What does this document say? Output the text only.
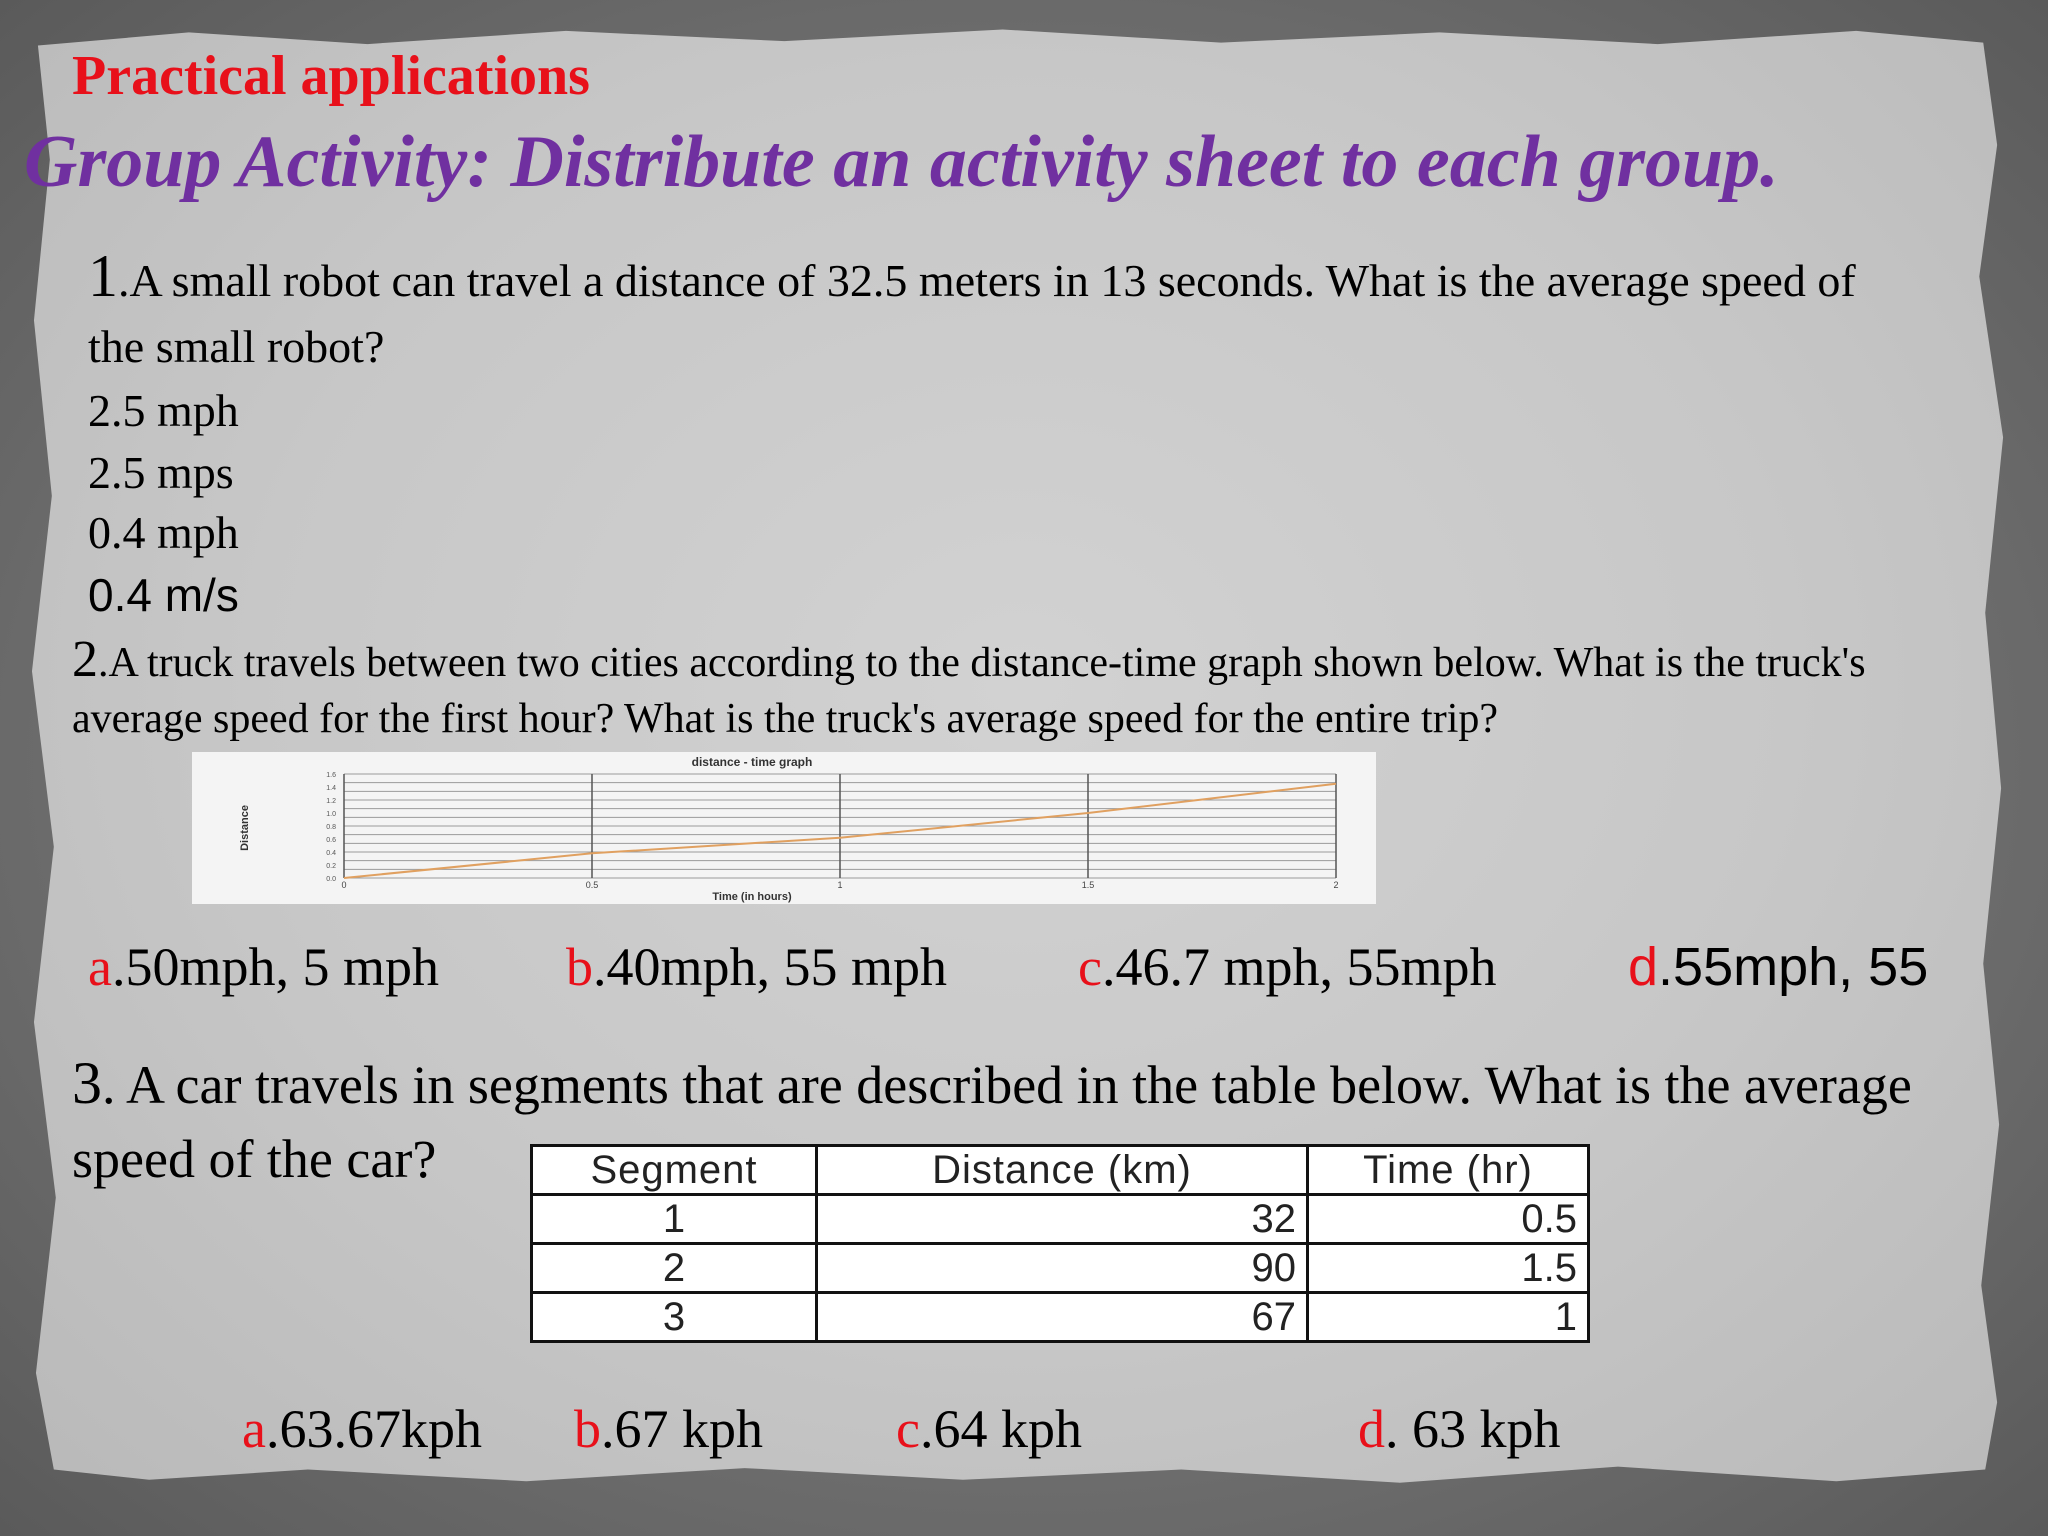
Practical applications
Group Activity: Distribute an activity sheet to each group.
1.A small robot can travel a distance of 32.5 meters in 13 seconds. What is the average speed of the small robot?
2.5 mph
2.5 mps
0.4 mph
0.4 m/s
2.A truck travels between two cities according to the distance-time graph shown below. What is the truck's average speed for the first hour? What is the truck's average speed for the entire trip?
distance - time graph
Distance
Time (in hours)
0	0.5	1	1.5	2
0.0
0.2
0.4
0.6
0.8
1.0
1.2
1.4
1.6
a.50mph, 5 mph b.40mph, 55 mph c.46.7 mph, 55mph d.55mph, 55
3. A car travels in segments that are described in the table below. What is the average speed of the car?	Segment	Distance (km)	Time (hr)
1	32	0.5
2	90	1.5
3	67	1
a.63.67kph b.67 kph c.64 kph	d. 63 kph
